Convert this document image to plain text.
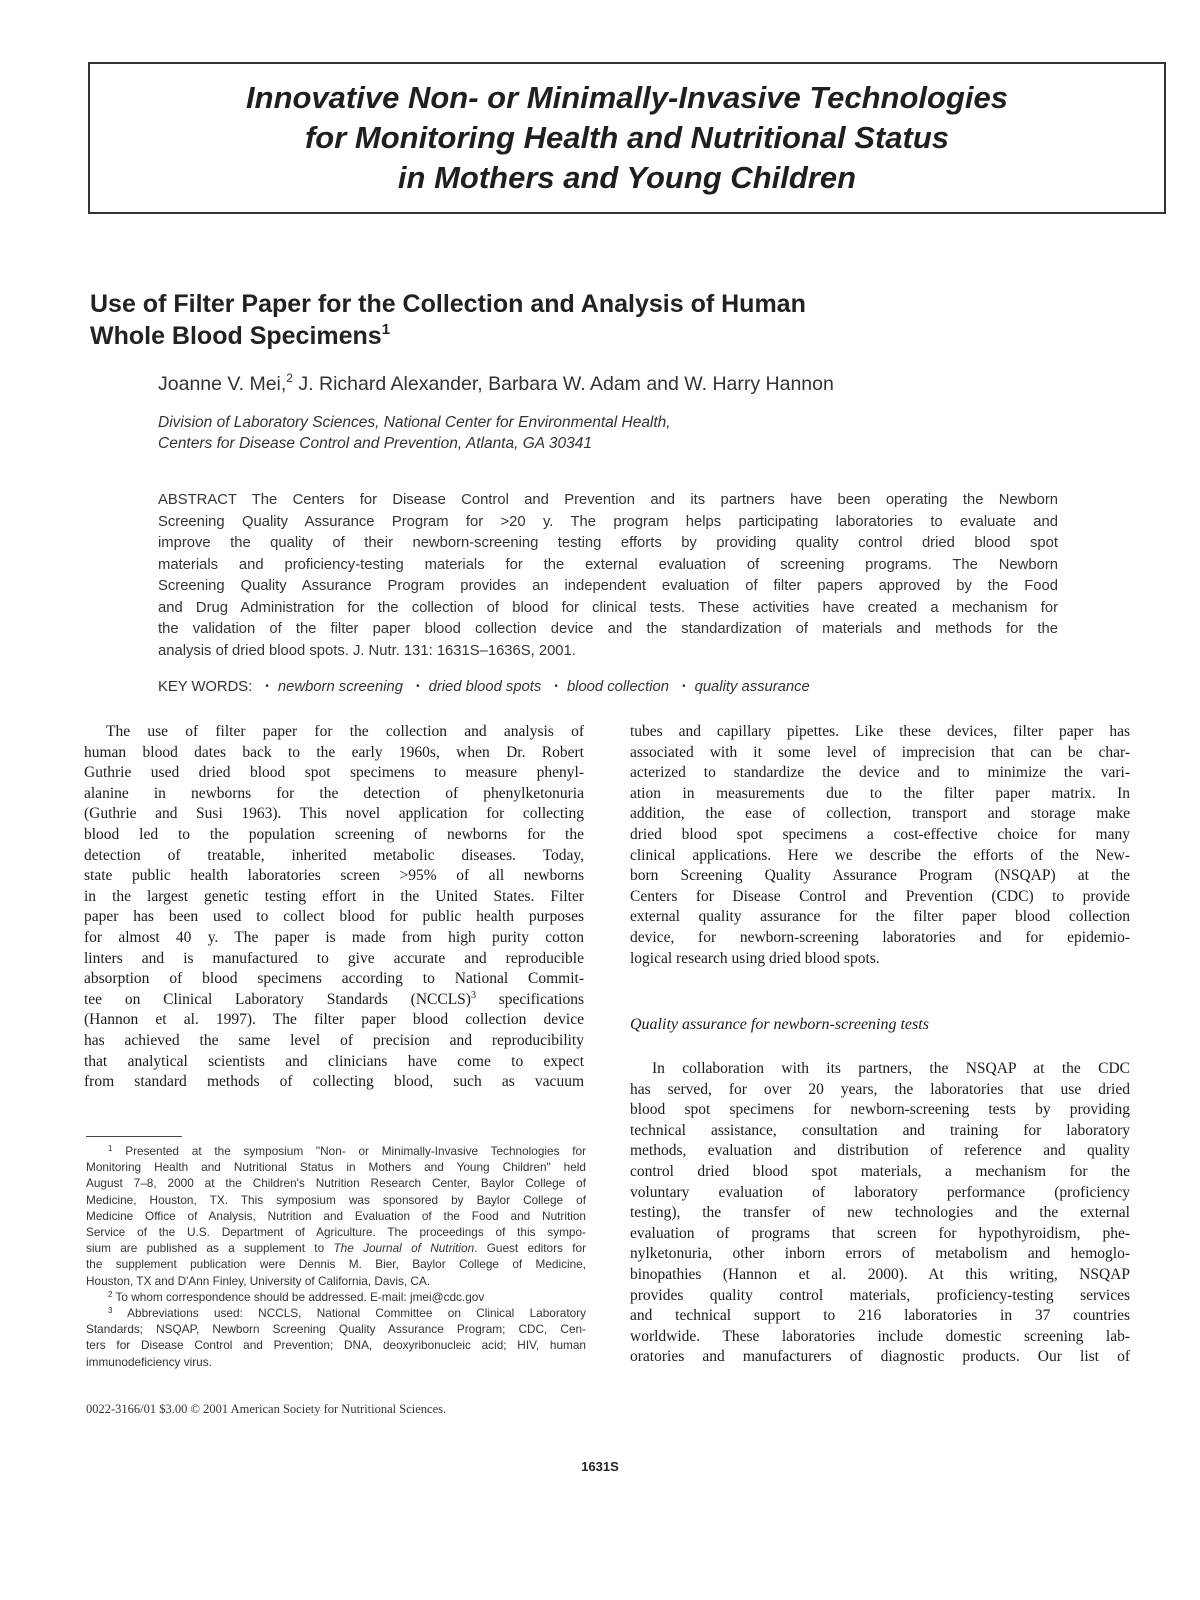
Innovative Non- or Minimally-Invasive Technologies
for Monitoring Health and Nutritional Status
in Mothers and Young Children
Use of Filter Paper for the Collection and Analysis of Human
Whole Blood Specimens$^1$
Joanne V. Mei,$^2$ J. Richard Alexander, Barbara W. Adam and W. Harry Hannon
Division of Laboratory Sciences, National Center for Environmental Health,
Centers for Disease Control and Prevention, Atlanta, GA 30341
ABSTRACT The Centers for Disease Control and Prevention and its partners have been operating the Newborn
Screening Quality Assurance Program for >20 y. The program helps participating laboratories to evaluate and
improve the quality of their newborn-screening testing efforts by providing quality control dried blood spot
materials and proficiency-testing materials for the external evaluation of screening programs. The Newborn
Screening Quality Assurance Program provides an independent evaluation of filter papers approved by the Food
and Drug Administration for the collection of blood for clinical tests. These activities have created a mechanism for
the validation of the filter paper blood collection device and the standardization of materials and methods for the
analysis of dried blood spots. J. Nutr. 131: 1631S–1636S, 2001.
KEY WORDS: • newborn screening • dried blood spots • blood collection • quality assurance
The use of filter paper for the collection and analysis of
human blood dates back to the early 1960s, when Dr. Robert
Guthrie used dried blood spot specimens to measure phenyl-
alanine in newborns for the detection of phenylketonuria
(Guthrie and Susi 1963). This novel application for collecting
blood led to the population screening of newborns for the
detection of treatable, inherited metabolic diseases. Today,
state public health laboratories screen >95% of all newborns
in the largest genetic testing effort in the United States. Filter
paper has been used to collect blood for public health purposes
for almost 40 y. The paper is made from high purity cotton
linters and is manufactured to give accurate and reproducible
absorption of blood specimens according to National Commit-
tee on Clinical Laboratory Standards (NCCLS)$^3$ specifications
(Hannon et al. 1997). The filter paper blood collection device
has achieved the same level of precision and reproducibility
that analytical scientists and clinicians have come to expect
from standard methods of collecting blood, such as vacuum
tubes and capillary pipettes. Like these devices, filter paper has
associated with it some level of imprecision that can be char-
acterized to standardize the device and to minimize the vari-
ation in measurements due to the filter paper matrix. In
addition, the ease of collection, transport and storage make
dried blood spot specimens a cost-effective choice for many
clinical applications. Here we describe the efforts of the New-
born Screening Quality Assurance Program (NSQAP) at the
Centers for Disease Control and Prevention (CDC) to provide
external quality assurance for the filter paper blood collection
device, for newborn-screening laboratories and for epidemio-
logical research using dried blood spots.
Quality assurance for newborn-screening tests
In collaboration with its partners, the NSQAP at the CDC
has served, for over 20 years, the laboratories that use dried
blood spot specimens for newborn-screening tests by providing
technical assistance, consultation and training for laboratory
methods, evaluation and distribution of reference and quality
control dried blood spot materials, a mechanism for the
voluntary evaluation of laboratory performance (proficiency
testing), the transfer of new technologies and the external
evaluation of programs that screen for hypothyroidism, phe-
nylketonuria, other inborn errors of metabolism and hemoglo-
binopathies (Hannon et al. 2000). At this writing, NSQAP
provides quality control materials, proficiency-testing services
and technical support to 216 laboratories in 37 countries
worldwide. These laboratories include domestic screening lab-
oratories and manufacturers of diagnostic products. Our list of
$^1$ Presented at the symposium "Non- or Minimally-Invasive Technologies for
Monitoring Health and Nutritional Status in Mothers and Young Children" held
August 7–8, 2000 at the Children's Nutrition Research Center, Baylor College of
Medicine, Houston, TX. This symposium was sponsored by Baylor College of
Medicine Office of Analysis, Nutrition and Evaluation of the Food and Nutrition
Service of the U.S. Department of Agriculture. The proceedings of this sympo-
sium are published as a supplement to The Journal of Nutrition. Guest editors for
the supplement publication were Dennis M. Bier, Baylor College of Medicine,
Houston, TX and D'Ann Finley, University of California, Davis, CA.
$^2$ To whom correspondence should be addressed. E-mail: jmei@cdc.gov
$^3$ Abbreviations used: NCCLS, National Committee on Clinical Laboratory
Standards; NSQAP, Newborn Screening Quality Assurance Program; CDC, Cen-
ters for Disease Control and Prevention; DNA, deoxyribonucleic acid; HIV, human
immunodeficiency virus.
0022-3166/01 $3.00 © 2001 American Society for Nutritional Sciences.
1631S
